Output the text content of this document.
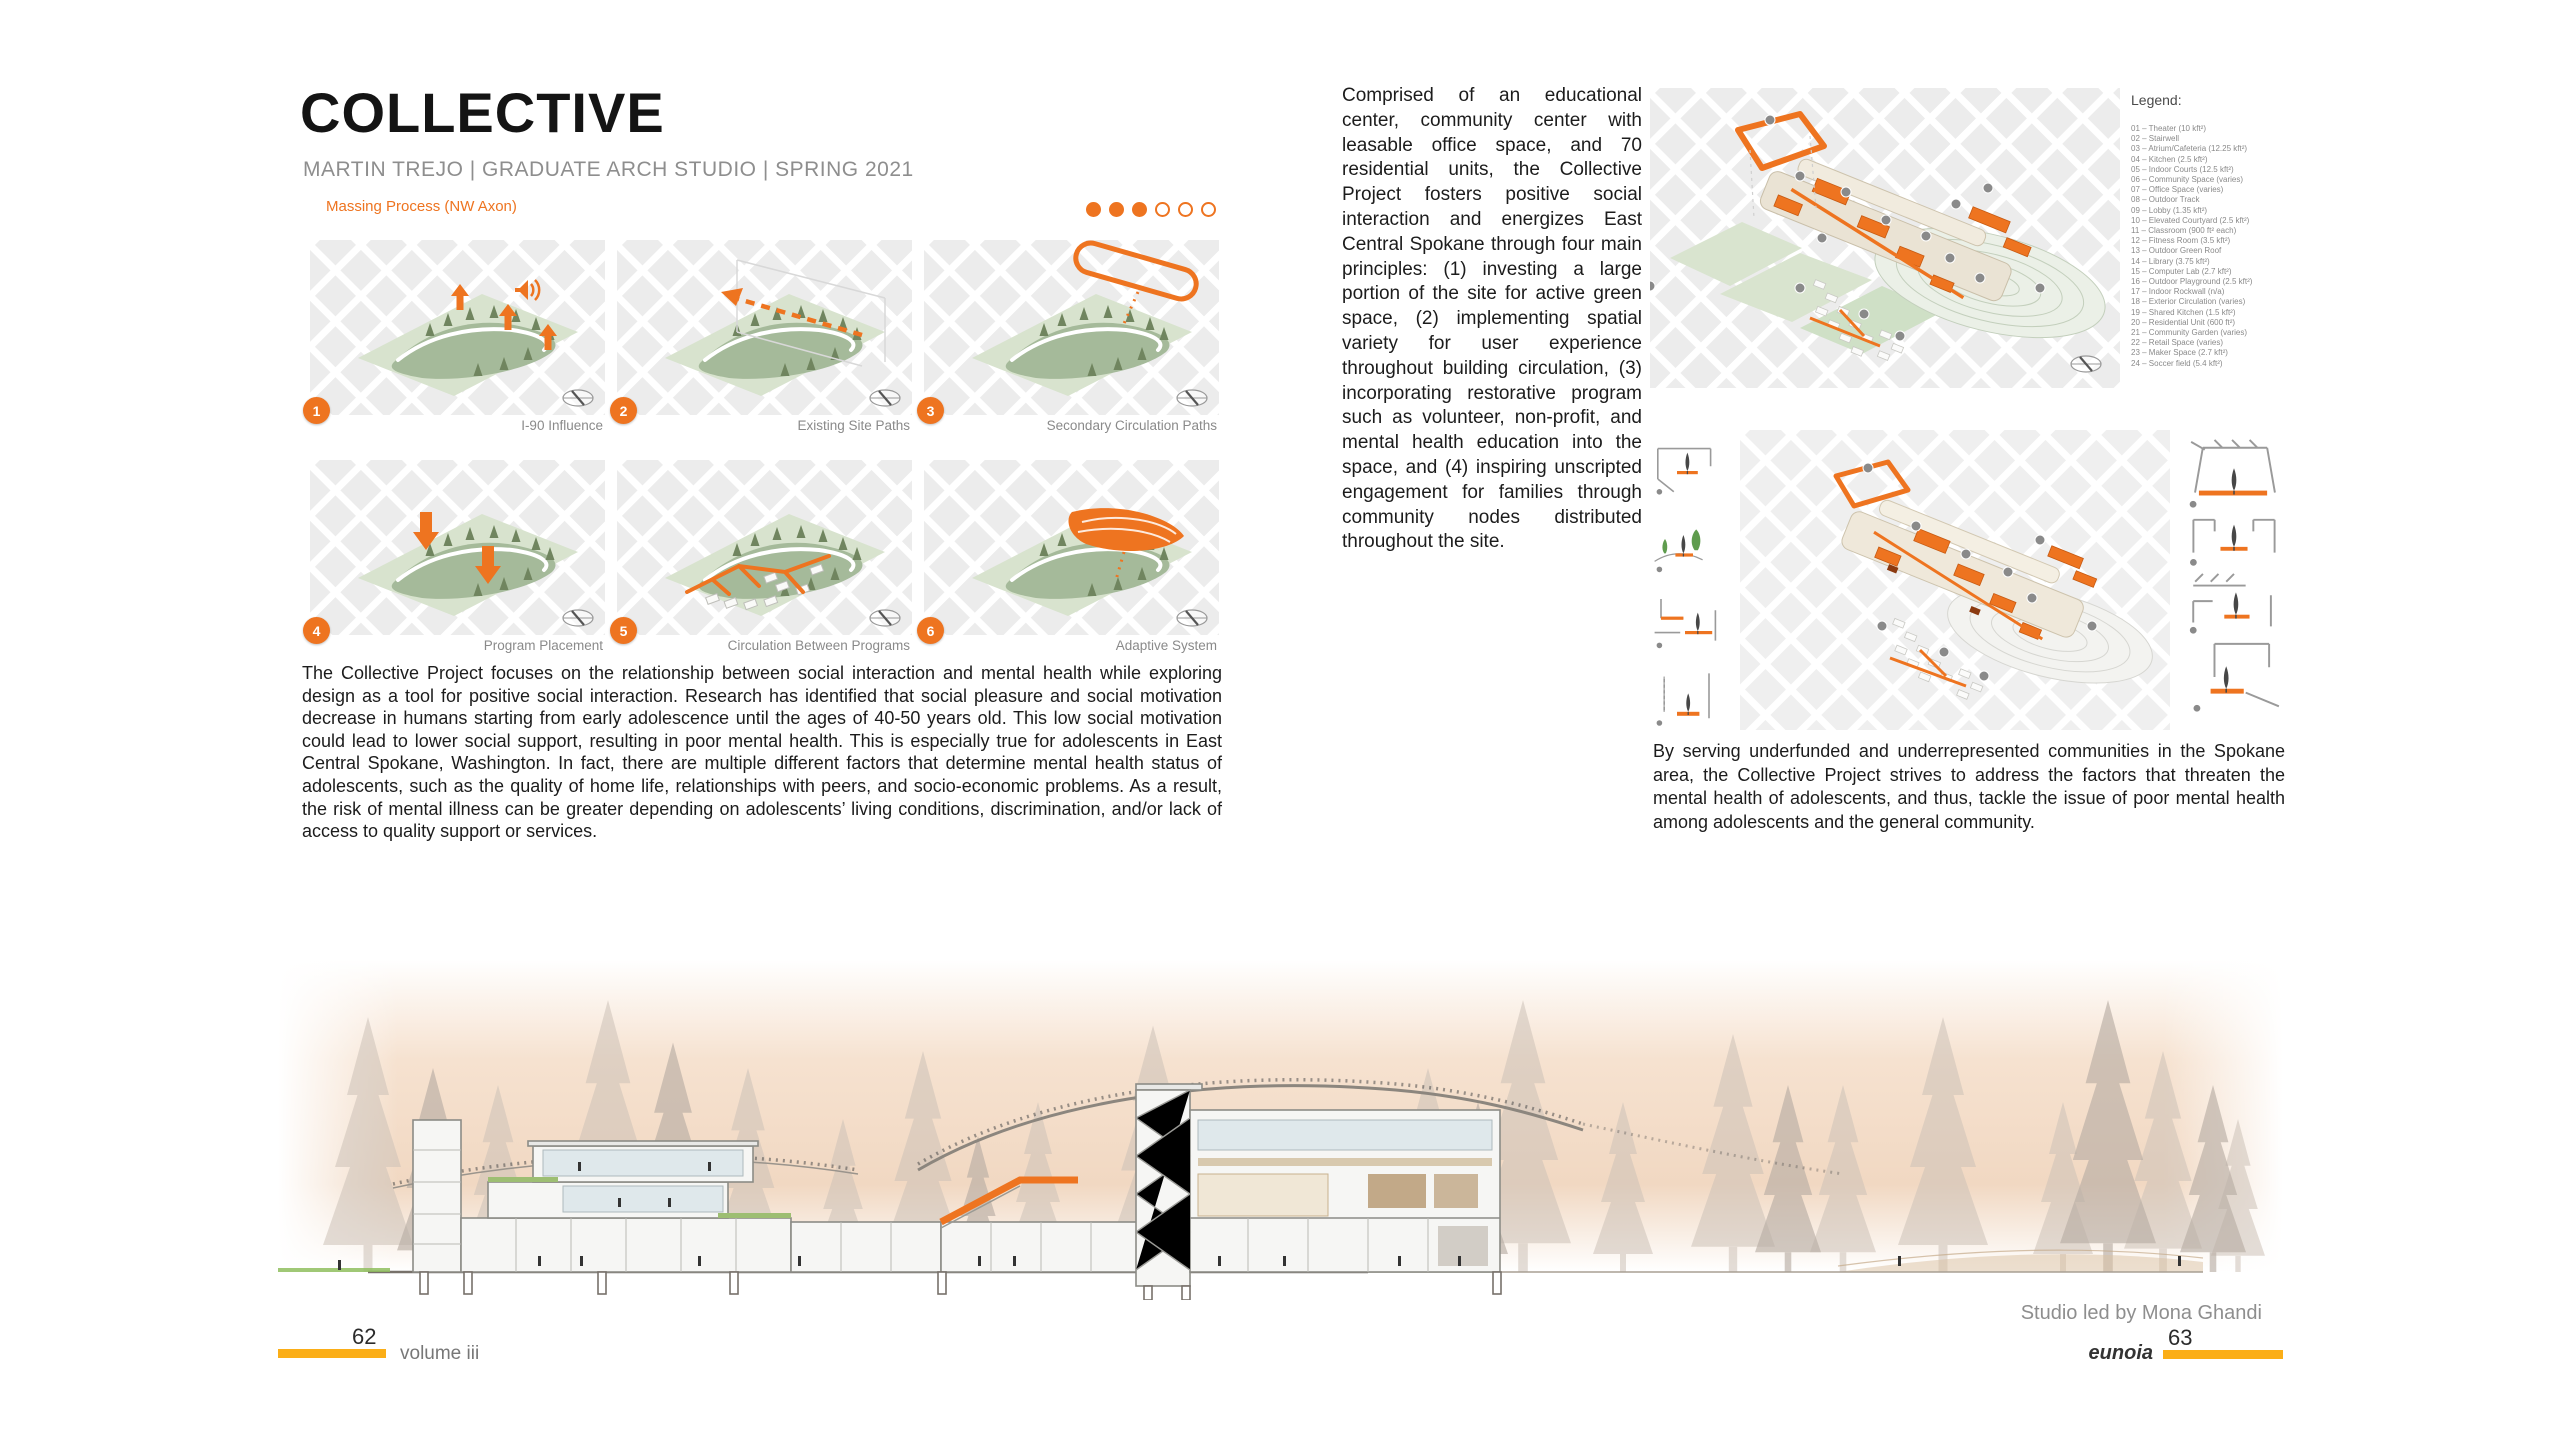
COLLECTIVE
MARTIN TREJO | GRADUATE ARCH STUDIO | SPRING 2021
Massing Process (NW Axon)
1
I-90 Influence
2
Existing Site Paths
3
Secondary Circulation Paths
4
Program Placement
5
Circulation Between Programs
6
Adaptive System

The Collective Project focuses on the relationship between social interaction and mental health while exploring design as a tool for positive social interaction. Research has identified that social pleasure and social motivation decrease in humans starting from early adolescence until the ages of 40-50 years old. This low social motivation could lead to lower social support, resulting in poor mental health. This is especially true for adolescents in East Central Spokane, Washington. In fact, there are multiple different factors that determine mental health status of adolescents, such as the quality of home life, relationships with peers, and socio-economic problems. As a result, the risk of mental illness can be greater depending on adolescents’ living conditions, discrimination, and/or lack of access to quality support or services.

Comprised of an educational center, community center with leasable office space, and 70 residential units, the Collective Project fosters positive social interaction and energizes East Central Spokane through four main principles: (1) investing a large portion of the site for active green space, (2) implementing spatial variety for user experience throughout building circulation, (3) incorporating restorative program such as volunteer, non-profit, and mental health education into the space, and (4) inspiring unscripted engagement for families through community nodes distributed throughout the site.

Legend:

01 – Theater (10 kft²)
02 – Stairwell
03 – Atrium/Cafeteria (12.25 kft²)
04 – Kitchen (2.5 kft²)
05 – Indoor Courts (12.5 kft²)
06 – Community Space (varies)
07 – Office Space (varies)
08 – Outdoor Track
09 – Lobby (1.35 kft²)
10 – Elevated Courtyard (2.5 kft²)
11 – Classroom (900 ft² each)
12 – Fitness Room (3.5 kft²)
13 – Outdoor Green Roof
14 – Library (3.75 kft²)
15 – Computer Lab (2.7 kft²)
16 – Outdoor Playground (2.5 kft²)
17 – Indoor Rockwall (n/a)
18 – Exterior Circulation (varies)
19 – Shared Kitchen (1.5 kft²)
20 – Residential Unit (600 ft²)
21 – Community Garden (varies)
22 – Retail Space (varies)
23 – Maker Space (2.7 kft²)
24 – Soccer field (5.4 kft²)

By serving underfunded and underrepresented communities in the Spokane area, the Collective Project strives to address the factors that threaten the mental health of adolescents, and thus, tackle the issue of poor mental health among adolescents and the general community.

Studio led by Mona Ghandi
62
volume iii
63
eunoia
